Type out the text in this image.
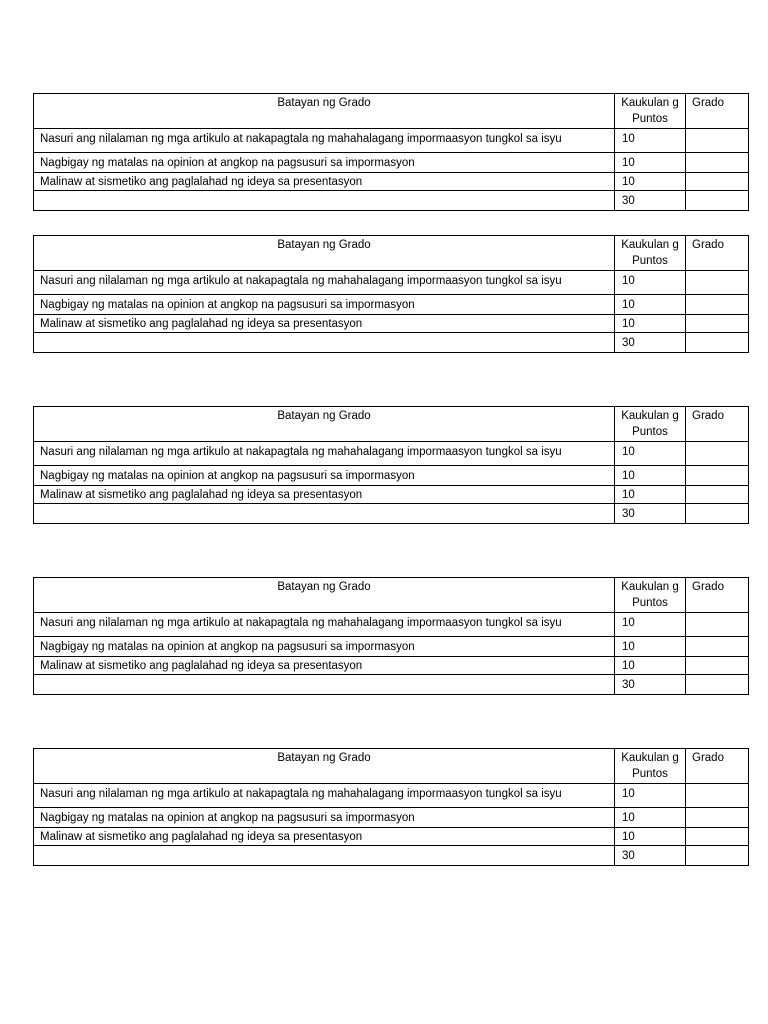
Batayan ng Grado	Kaukulan g Puntos	Grado
Nasuri ang nilalaman ng mga artikulo at nakapagtala ng mahahalagang impormaasyon tungkol sa isyu	10	
Nagbigay ng matalas na opinion at angkop na pagsusuri sa impormasyon	10	
Malinaw at sismetiko ang paglalahad ng ideya sa presentasyon	10	
	30	
Batayan ng Grado	Kaukulan g Puntos	Grado
Nasuri ang nilalaman ng mga artikulo at nakapagtala ng mahahalagang impormaasyon tungkol sa isyu	10	
Nagbigay ng matalas na opinion at angkop na pagsusuri sa impormasyon	10	
Malinaw at sismetiko ang paglalahad ng ideya sa presentasyon	10	
	30	
Batayan ng Grado	Kaukulan g Puntos	Grado
Nasuri ang nilalaman ng mga artikulo at nakapagtala ng mahahalagang impormaasyon tungkol sa isyu	10	
Nagbigay ng matalas na opinion at angkop na pagsusuri sa impormasyon	10	
Malinaw at sismetiko ang paglalahad ng ideya sa presentasyon	10	
	30	
Batayan ng Grado	Kaukulan g Puntos	Grado
Nasuri ang nilalaman ng mga artikulo at nakapagtala ng mahahalagang impormaasyon tungkol sa isyu	10	
Nagbigay ng matalas na opinion at angkop na pagsusuri sa impormasyon	10	
Malinaw at sismetiko ang paglalahad ng ideya sa presentasyon	10	
	30	
Batayan ng Grado	Kaukulan g Puntos	Grado
Nasuri ang nilalaman ng mga artikulo at nakapagtala ng mahahalagang impormaasyon tungkol sa isyu	10	
Nagbigay ng matalas na opinion at angkop na pagsusuri sa impormasyon	10	
Malinaw at sismetiko ang paglalahad ng ideya sa presentasyon	10	
	30	
